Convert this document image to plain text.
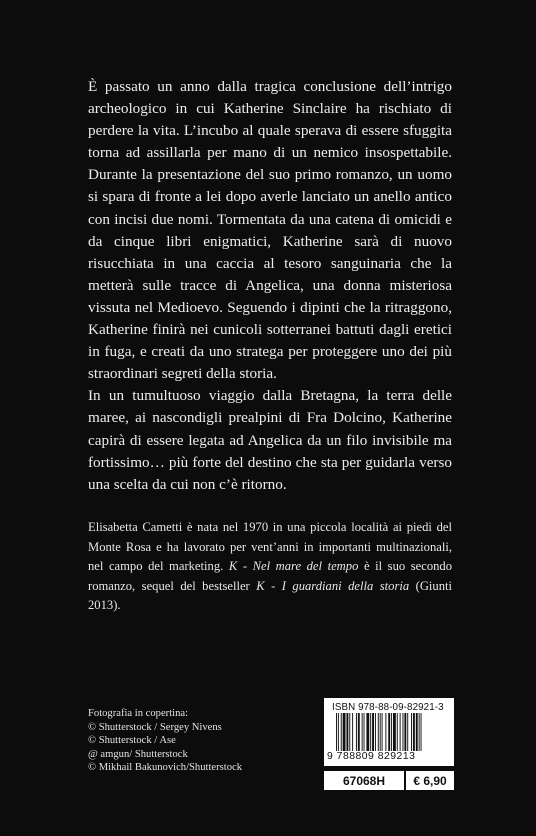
È passato un anno dalla tragica conclusione dell’intrigo archeologico in cui Katherine Sinclaire ha rischiato di perdere la vita. L’incubo al quale sperava di essere sfuggita torna ad assillarla per mano di un nemico insospettabile. Durante la presentazione del suo primo romanzo, un uomo si spara di fronte a lei dopo averle lanciato un anello antico con incisi due nomi. Tormentata da una catena di omicidi e da cinque libri enigmatici, Katherine sarà di nuovo risucchiata in una caccia al tesoro sanguinaria che la metterà sulle tracce di Angelica, una donna misteriosa vissuta nel Medioevo. Seguendo i dipinti che la ritraggono, Katherine finirà nei cunicoli sotterranei battuti dagli eretici in fuga, e creati da uno stratega per proteggere uno dei più straordinari segreti della storia.

In un tumultuoso viaggio dalla Bretagna, la terra delle maree, ai nascondigli prealpini di Fra Dolcino, Katherine capirà di essere legata ad Angelica da un filo invisibile ma fortissimo… più forte del destino che sta per guidarla verso una scelta da cui non c’è ritorno.

Elisabetta Cametti è nata nel 1970 in una piccola località ai piedi del Monte Rosa e ha lavorato per vent’anni in importanti multinazionali, nel campo del marketing. K - Nel mare del tempo è il suo secondo romanzo, sequel del bestseller K - I guardiani della storia (Giunti 2013).

Fotografia in copertina:
© Shutterstock / Sergey Nivens
© Shutterstock / Ase
@ amgun/ Shutterstock
© Mikhail Bakunovich/Shutterstock
ISBN 978-88-09-82921-3
9 788809 829213
67068H	€ 6,90
